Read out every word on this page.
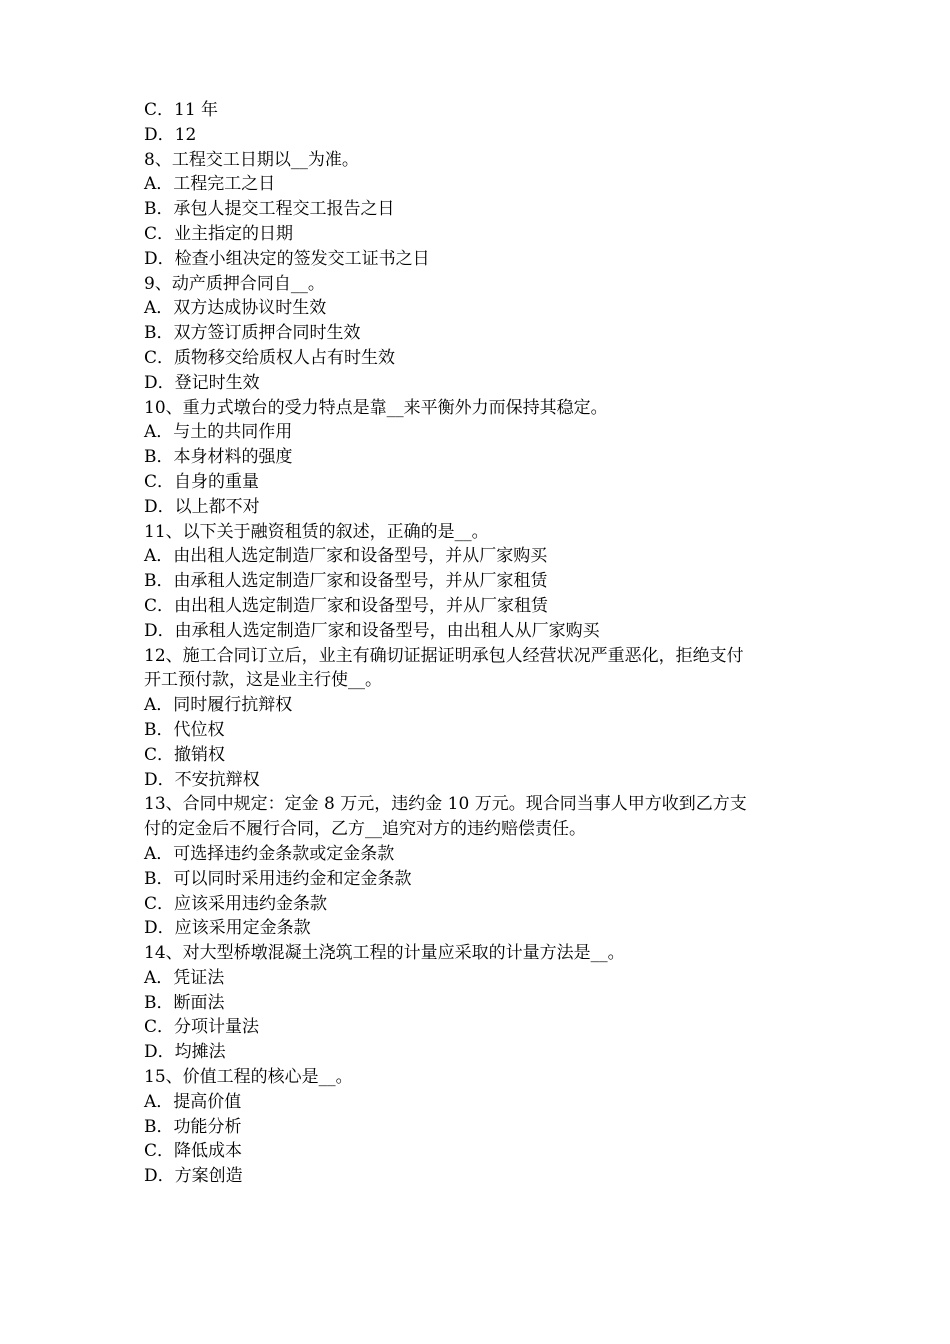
C．11 年
D．12
8、工程交工日期以__为准。
A．工程完工之日
B．承包人提交工程交工报告之日
C．业主指定的日期
D．检查小组决定的签发交工证书之日
9、动产质押合同自__。
A．双方达成协议时生效
B．双方签订质押合同时生效
C．质物移交给质权人占有时生效
D．登记时生效
10、重力式墩台的受力特点是靠__来平衡外力而保持其稳定。
A．与土的共同作用
B．本身材料的强度
C．自身的重量
D．以上都不对
11、以下关于融资租赁的叙述，正确的是__。
A．由出租人选定制造厂家和设备型号，并从厂家购买
B．由承租人选定制造厂家和设备型号，并从厂家租赁
C．由出租人选定制造厂家和设备型号，并从厂家租赁
D．由承租人选定制造厂家和设备型号，由出租人从厂家购买
12、施工合同订立后，业主有确切证据证明承包人经营状况严重恶化，拒绝支付
开工预付款，这是业主行使__。
A．同时履行抗辩权
B．代位权
C．撤销权
D．不安抗辩权
13、合同中规定：定金 8 万元，违约金 10 万元。现合同当事人甲方收到乙方支
付的定金后不履行合同，乙方__追究对方的违约赔偿责任。
A．可选择违约金条款或定金条款
B．可以同时采用违约金和定金条款
C．应该采用违约金条款
D．应该采用定金条款
14、对大型桥墩混凝土浇筑工程的计量应采取的计量方法是__。
A．凭证法
B．断面法
C．分项计量法
D．均摊法
15、价值工程的核心是__。
A．提高价值
B．功能分析
C．降低成本
D．方案创造
